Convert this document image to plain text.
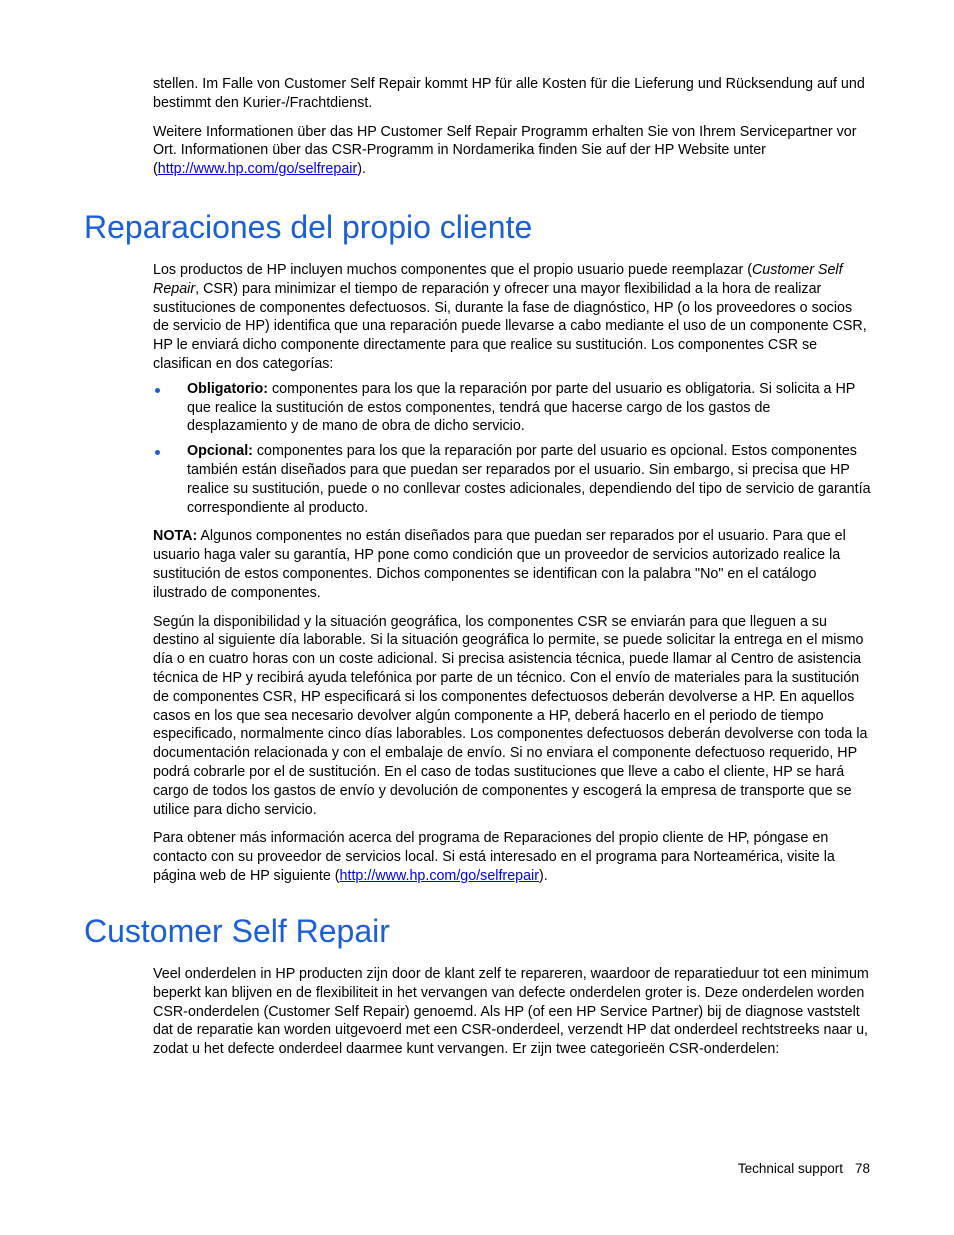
stellen. Im Falle von Customer Self Repair kommt HP für alle Kosten für die Lieferung und Rücksendung auf und bestimmt den Kurier-/Frachtdienst.

Weitere Informationen über das HP Customer Self Repair Programm erhalten Sie von Ihrem Servicepartner vor Ort. Informationen über das CSR-Programm in Nordamerika finden Sie auf der HP Website unter (http://www.hp.com/go/selfrepair).

Reparaciones del propio cliente

Los productos de HP incluyen muchos componentes que el propio usuario puede reemplazar (Customer Self Repair, CSR) para minimizar el tiempo de reparación y ofrecer una mayor flexibilidad a la hora de realizar sustituciones de componentes defectuosos. Si, durante la fase de diagnóstico, HP (o los proveedores o socios de servicio de HP) identifica que una reparación puede llevarse a cabo mediante el uso de un componente CSR, HP le enviará dicho componente directamente para que realice su sustitución. Los componentes CSR se clasifican en dos categorías:

Obligatorio: componentes para los que la reparación por parte del usuario es obligatoria. Si solicita a HP que realice la sustitución de estos componentes, tendrá que hacerse cargo de los gastos de desplazamiento y de mano de obra de dicho servicio.
Opcional: componentes para los que la reparación por parte del usuario es opcional. Estos componentes también están diseñados para que puedan ser reparados por el usuario. Sin embargo, si precisa que HP realice su sustitución, puede o no conllevar costes adicionales, dependiendo del tipo de servicio de garantía correspondiente al producto.

NOTA: Algunos componentes no están diseñados para que puedan ser reparados por el usuario. Para que el usuario haga valer su garantía, HP pone como condición que un proveedor de servicios autorizado realice la sustitución de estos componentes. Dichos componentes se identifican con la palabra "No" en el catálogo ilustrado de componentes.

Según la disponibilidad y la situación geográfica, los componentes CSR se enviarán para que lleguen a su destino al siguiente día laborable. Si la situación geográfica lo permite, se puede solicitar la entrega en el mismo día o en cuatro horas con un coste adicional. Si precisa asistencia técnica, puede llamar al Centro de asistencia técnica de HP y recibirá ayuda telefónica por parte de un técnico. Con el envío de materiales para la sustitución de componentes CSR, HP especificará si los componentes defectuosos deberán devolverse a HP. En aquellos casos en los que sea necesario devolver algún componente a HP, deberá hacerlo en el periodo de tiempo especificado, normalmente cinco días laborables. Los componentes defectuosos deberán devolverse con toda la documentación relacionada y con el embalaje de envío. Si no enviara el componente defectuoso requerido, HP podrá cobrarle por el de sustitución. En el caso de todas sustituciones que lleve a cabo el cliente, HP se hará cargo de todos los gastos de envío y devolución de componentes y escogerá la empresa de transporte que se utilice para dicho servicio.

Para obtener más información acerca del programa de Reparaciones del propio cliente de HP, póngase en contacto con su proveedor de servicios local. Si está interesado en el programa para Norteamérica, visite la página web de HP siguiente (http://www.hp.com/go/selfrepair).

Customer Self Repair

Veel onderdelen in HP producten zijn door de klant zelf te repareren, waardoor de reparatieduur tot een minimum beperkt kan blijven en de flexibiliteit in het vervangen van defecte onderdelen groter is. Deze onderdelen worden CSR-onderdelen (Customer Self Repair) genoemd. Als HP (of een HP Service Partner) bij de diagnose vaststelt dat de reparatie kan worden uitgevoerd met een CSR-onderdeel, verzendt HP dat onderdeel rechtstreeks naar u, zodat u het defecte onderdeel daarmee kunt vervangen. Er zijn twee categorieën CSR-onderdelen:

Technical support 78
